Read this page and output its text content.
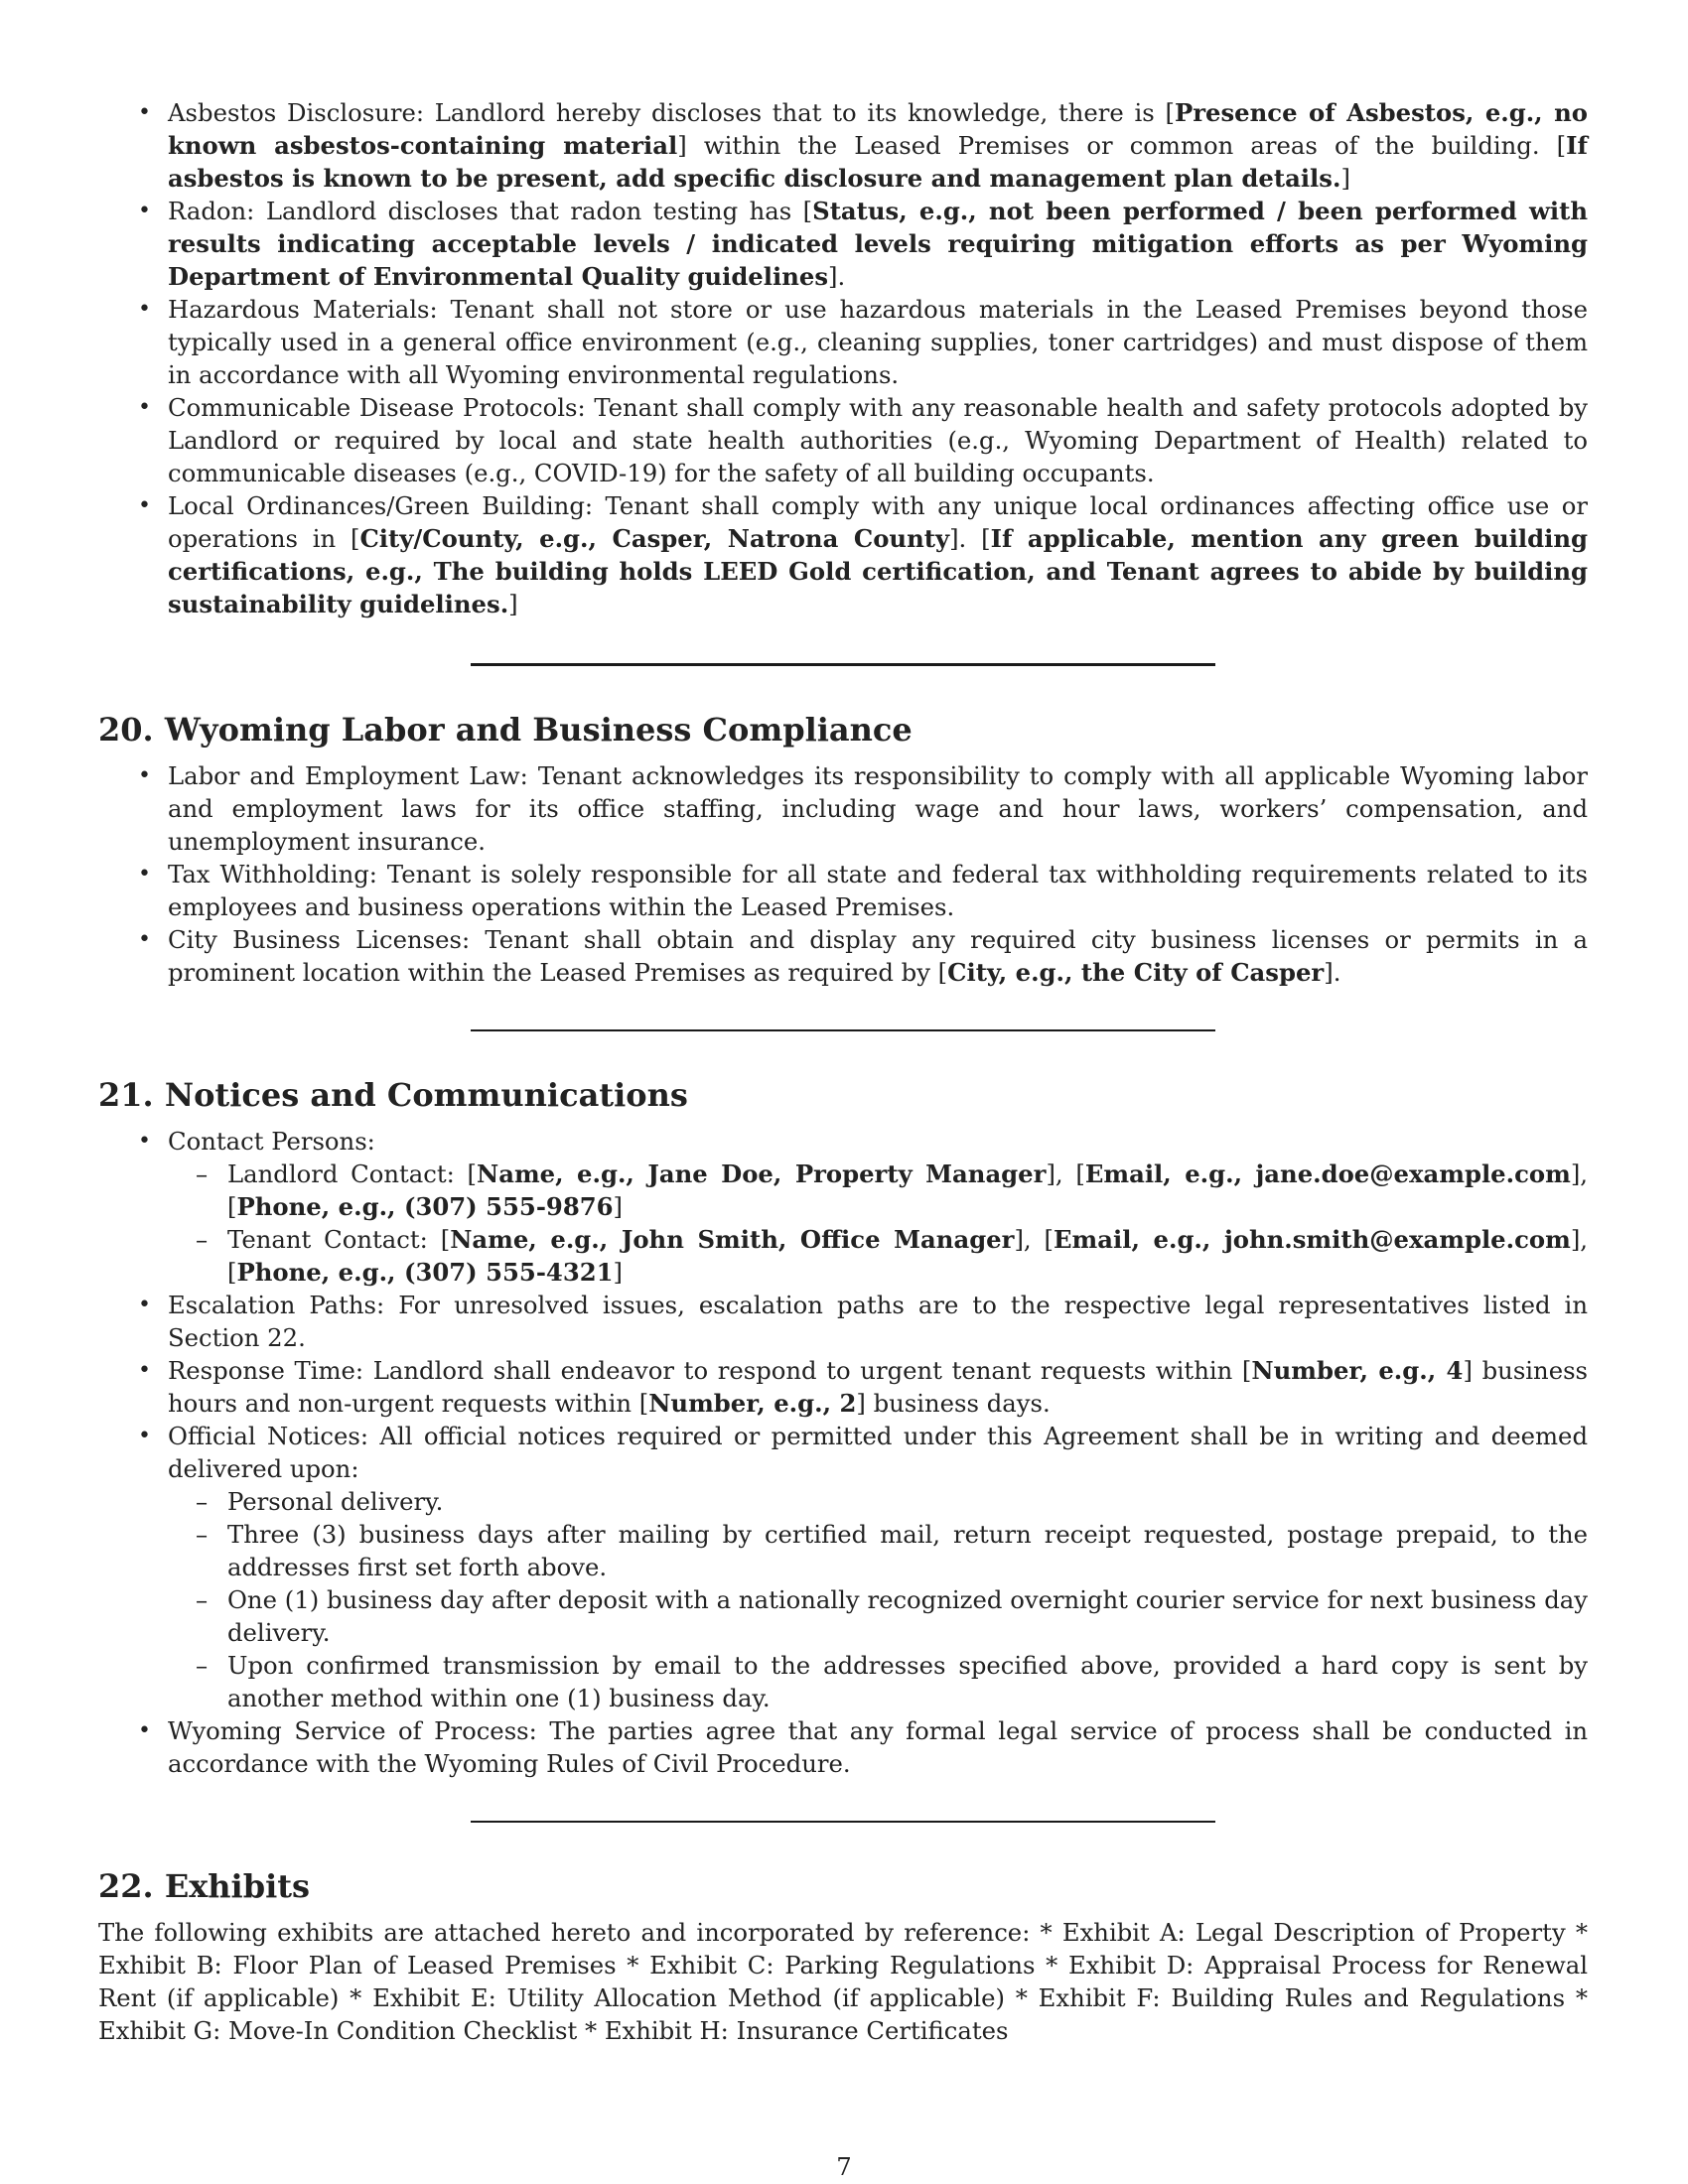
• Asbestos Disclosure: Landlord hereby discloses that to its knowledge, there is [Presence of Asbestos, e.g., no known asbestos-containing material] within the Leased Premises or common areas of the building. [If asbestos is known to be present, add specific disclosure and management plan details.]
• Radon: Landlord discloses that radon testing has [Status, e.g., not been performed / been performed with results indicating acceptable levels / indicated levels requiring mitigation efforts as per Wyoming Department of Environmental Quality guidelines].
• Hazardous Materials: Tenant shall not store or use hazardous materials in the Leased Premises beyond those typically used in a general office environment (e.g., cleaning supplies, toner cartridges) and must dispose of them in accordance with all Wyoming environmental regulations.
• Communicable Disease Protocols: Tenant shall comply with any reasonable health and safety protocols adopted by Landlord or required by local and state health authorities (e.g., Wyoming Department of Health) related to communicable diseases (e.g., COVID-19) for the safety of all building occupants.
• Local Ordinances/Green Building: Tenant shall comply with any unique local ordinances affecting office use or operations in [City/County, e.g., Casper, Natrona County]. [If applicable, mention any green building certifications, e.g., The building holds LEED Gold certification, and Tenant agrees to abide by building sustainability guidelines.]
20. Wyoming Labor and Business Compliance
• Labor and Employment Law: Tenant acknowledges its responsibility to comply with all applicable Wyoming labor and employment laws for its office staffing, including wage and hour laws, workers’ compensation, and unemployment insurance.
• Tax Withholding: Tenant is solely responsible for all state and federal tax withholding requirements related to its employees and business operations within the Leased Premises.
• City Business Licenses: Tenant shall obtain and display any required city business licenses or permits in a prominent location within the Leased Premises as required by [City, e.g., the City of Casper].
21. Notices and Communications
• Contact Persons:
– Landlord Contact: [Name, e.g., Jane Doe, Property Manager], [Email, e.g., jane.doe@example.com], [Phone, e.g., (307) 555-9876]
– Tenant Contact: [Name, e.g., John Smith, Office Manager], [Email, e.g., john.smith@example.com], [Phone, e.g., (307) 555-4321]
• Escalation Paths: For unresolved issues, escalation paths are to the respective legal representatives listed in Section 22.
• Response Time: Landlord shall endeavor to respond to urgent tenant requests within [Number, e.g., 4] business hours and non-urgent requests within [Number, e.g., 2] business days.
• Official Notices: All official notices required or permitted under this Agreement shall be in writing and deemed delivered upon:
– Personal delivery.
– Three (3) business days after mailing by certified mail, return receipt requested, postage prepaid, to the addresses first set forth above.
– One (1) business day after deposit with a nationally recognized overnight courier service for next business day delivery.
– Upon confirmed transmission by email to the addresses specified above, provided a hard copy is sent by another method within one (1) business day.
• Wyoming Service of Process: The parties agree that any formal legal service of process shall be conducted in accordance with the Wyoming Rules of Civil Procedure.
22. Exhibits

The following exhibits are attached hereto and incorporated by reference: * Exhibit A: Legal Description of Property * Exhibit B: Floor Plan of Leased Premises * Exhibit C: Parking Regulations * Exhibit D: Appraisal Process for Renewal Rent (if applicable) * Exhibit E: Utility Allocation Method (if applicable) * Exhibit F: Building Rules and Regulations * Exhibit G: Move-In Condition Checklist * Exhibit H: Insurance Certificates

7
